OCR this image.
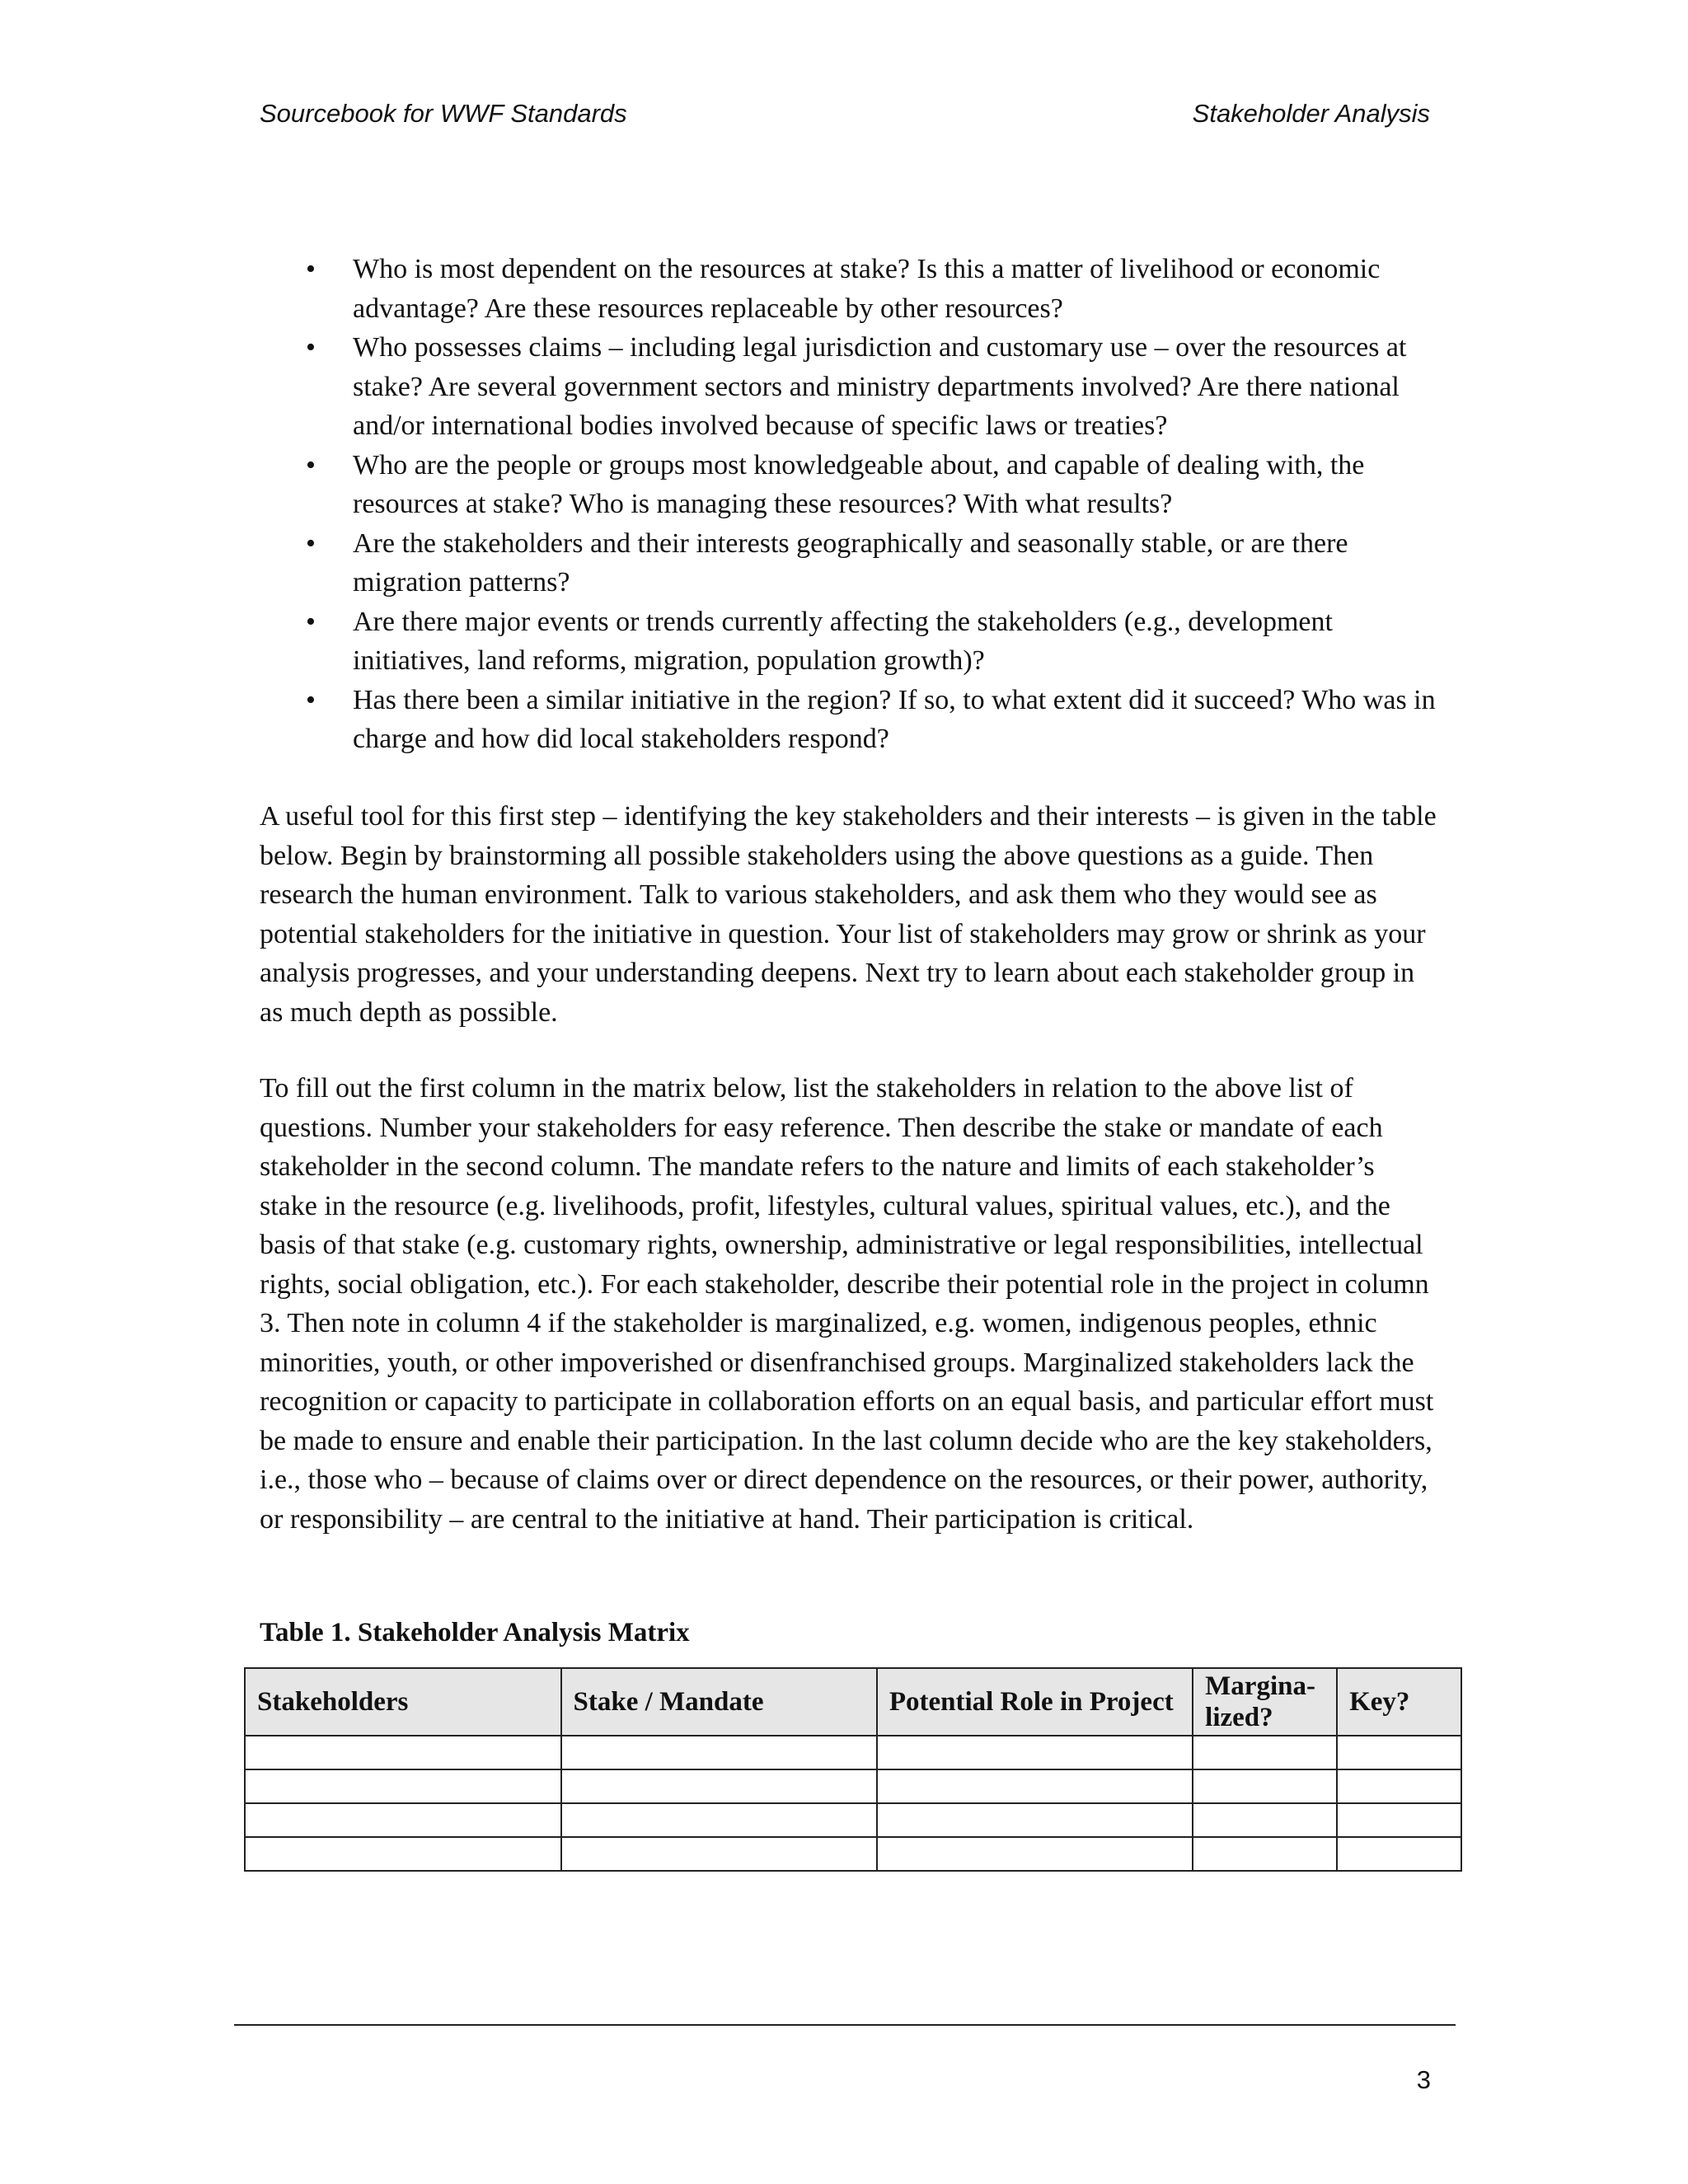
Sourcebook for WWF Standards	Stakeholder Analysis
• Who is most dependent on the resources at stake? Is this a matter of livelihood or economic advantage? Are these resources replaceable by other resources?
• Who possesses claims – including legal jurisdiction and customary use – over the resources at stake? Are several government sectors and ministry departments involved? Are there national and/or international bodies involved because of specific laws or treaties?
• Who are the people or groups most knowledgeable about, and capable of dealing with, the resources at stake? Who is managing these resources? With what results?
• Are the stakeholders and their interests geographically and seasonally stable, or are there migration patterns?
• Are there major events or trends currently affecting the stakeholders (e.g., development initiatives, land reforms, migration, population growth)?
• Has there been a similar initiative in the region? If so, to what extent did it succeed? Who was in charge and how did local stakeholders respond?

A useful tool for this first step – identifying the key stakeholders and their interests – is given in the table below. Begin by brainstorming all possible stakeholders using the above questions as a guide. Then research the human environment. Talk to various stakeholders, and ask them who they would see as potential stakeholders for the initiative in question. Your list of stakeholders may grow or shrink as your analysis progresses, and your understanding deepens. Next try to learn about each stakeholder group in as much depth as possible.

To fill out the first column in the matrix below, list the stakeholders in relation to the above list of questions. Number your stakeholders for easy reference. Then describe the stake or mandate of each stakeholder in the second column. The mandate refers to the nature and limits of each stakeholder’s stake in the resource (e.g. livelihoods, profit, lifestyles, cultural values, spiritual values, etc.), and the basis of that stake (e.g. customary rights, ownership, administrative or legal responsibilities, intellectual rights, social obligation, etc.). For each stakeholder, describe their potential role in the project in column 3. Then note in column 4 if the stakeholder is marginalized, e.g. women, indigenous peoples, ethnic minorities, youth, or other impoverished or disenfranchised groups. Marginalized stakeholders lack the recognition or capacity to participate in collaboration efforts on an equal basis, and particular effort must be made to ensure and enable their participation. In the last column decide who are the key stakeholders, i.e., those who – because of claims over or direct dependence on the resources, or their power, authority, or responsibility – are central to the initiative at hand. Their participation is critical.

Table 1. Stakeholder Analysis Matrix
Stakeholders	Stake / Mandate	Potential Role in Project	Margina-lized?	Key?

3
